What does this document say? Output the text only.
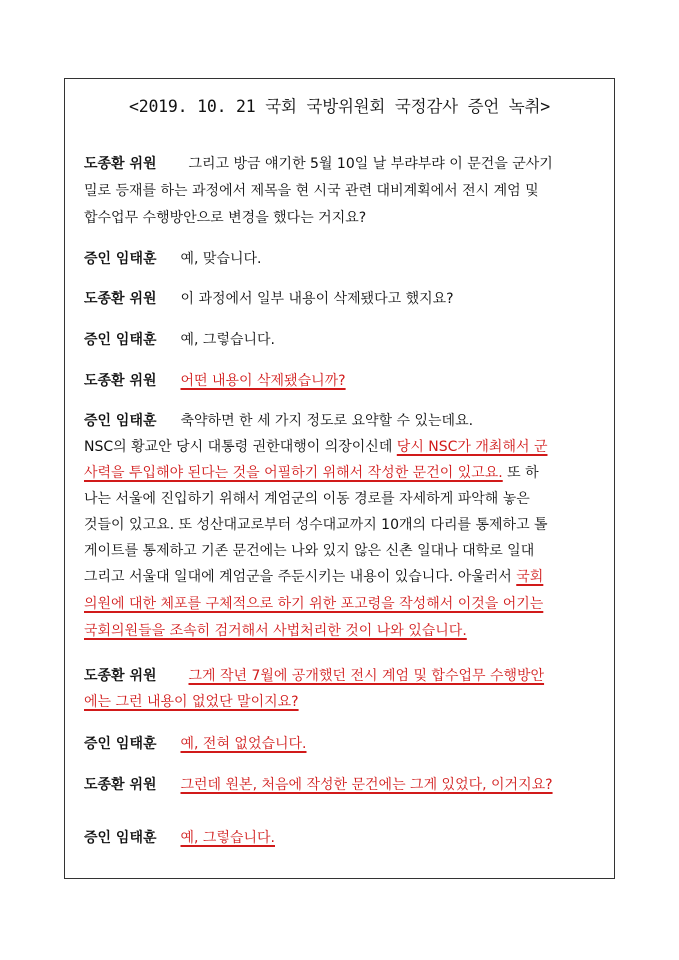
<2019. 10. 21 국회 국방위원회 국정감사 증언 녹취>
도종환 위원 그리고 방금 얘기한 5월 10일 날 부랴부랴 이 문건을 군사기
밀로 등재를 하는 과정에서 제목을 현 시국 관련 대비계획에서 전시 계엄 및
합수업무 수행방안으로 변경을 했다는 거지요?
증인 임태훈 예, 맞습니다.
도종환 위원 이 과정에서 일부 내용이 삭제됐다고 했지요?
증인 임태훈 예, 그렇습니다.
도종환 위원 어떤 내용이 삭제됐습니까?
증인 임태훈 축약하면 한 세 가지 정도로 요약할 수 있는데요.
NSC의 황교안 당시 대통령 권한대행이 의장이신데 당시 NSC가 개최해서 군
사력을 투입해야 된다는 것을 어필하기 위해서 작성한 문건이 있고요. 또 하
나는 서울에 진입하기 위해서 계엄군의 이동 경로를 자세하게 파악해 놓은
것들이 있고요. 또 성산대교로부터 성수대교까지 10개의 다리를 통제하고 톨
게이트를 통제하고 기존 문건에는 나와 있지 않은 신촌 일대나 대학로 일대
그리고 서울대 일대에 계엄군을 주둔시키는 내용이 있습니다. 아울러서 국회
의원에 대한 체포를 구체적으로 하기 위한 포고령을 작성해서 이것을 어기는
국회의원들을 조속히 검거해서 사법처리한 것이 나와 있습니다.
도종환 위원 그게 작년 7월에 공개했던 전시 계엄 및 합수업무 수행방안
에는 그런 내용이 없었단 말이지요?
증인 임태훈 예, 전혀 없었습니다.
도종환 위원 그런데 원본, 처음에 작성한 문건에는 그게 있었다, 이거지요?
증인 임태훈 예, 그렇습니다.
